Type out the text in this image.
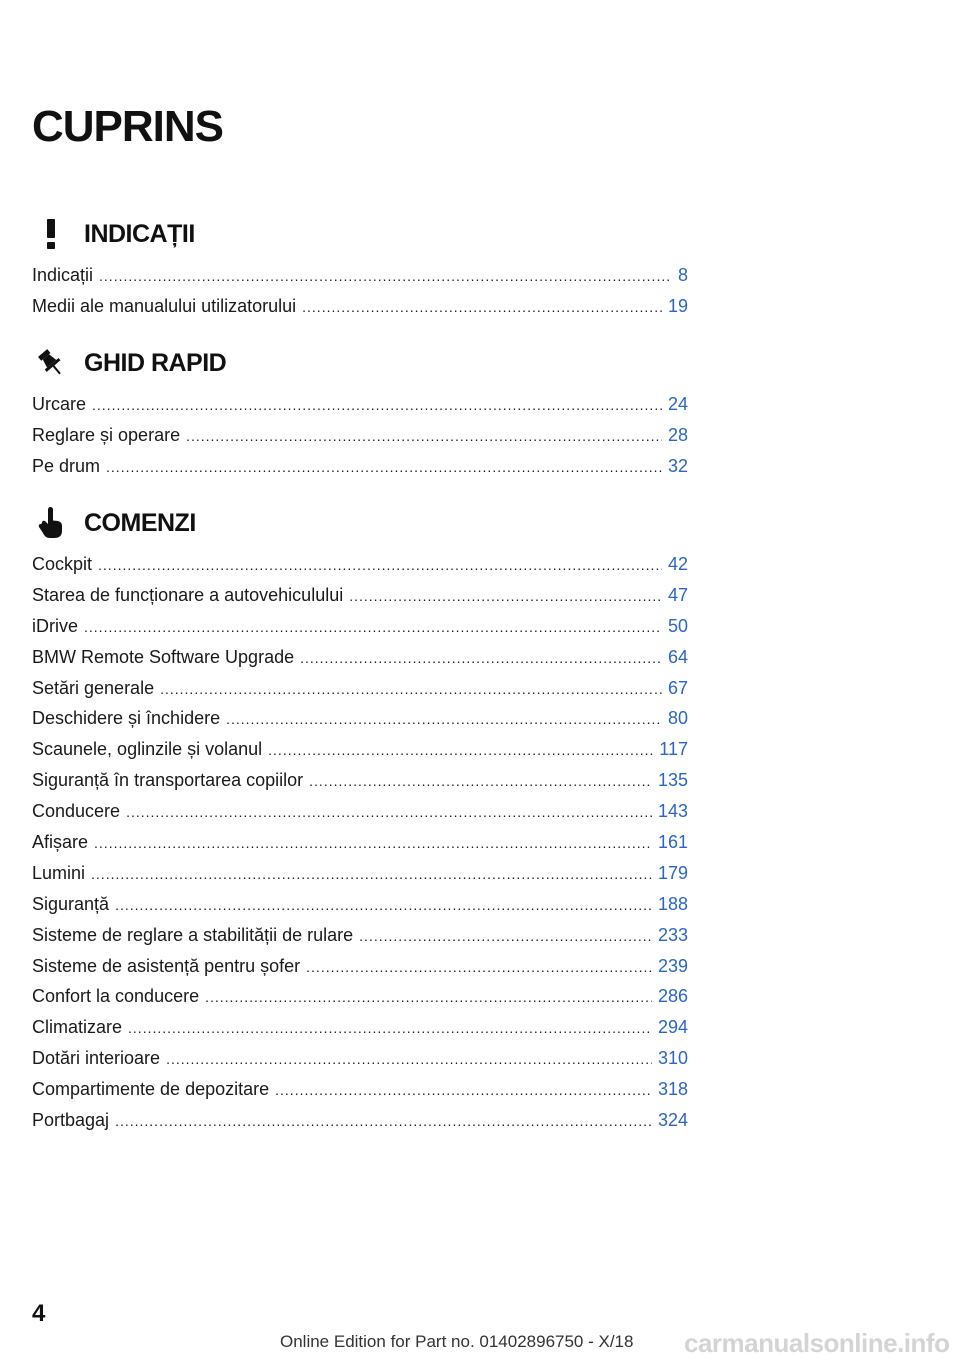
CUPRINS
INDICAȚII
Indicații .....	8
Medii ale manualului utilizatorului .....	19
GHID RAPID
Urcare .....	24
Reglare și operare .....	28
Pe drum .....	32
COMENZI
Cockpit .....	42
Starea de funcționare a autovehiculului .....	47
iDrive .....	50
BMW Remote Software Upgrade .....	64
Setări generale .....	67
Deschidere și închidere .....	80
Scaunele, oglinzile și volanul .....	117
Siguranță în transportarea copiilor .....	135
Conducere .....	143
Afișare .....	161
Lumini .....	179
Siguranță .....	188
Sisteme de reglare a stabilității de rulare .....	233
Sisteme de asistență pentru șofer .....	239
Confort la conducere .....	286
Climatizare .....	294
Dotări interioare .....	310
Compartimente de depozitare .....	318
Portbagaj .....	324

4

Online Edition for Part no. 01402896750 - X/18 carmanualsonline.info
